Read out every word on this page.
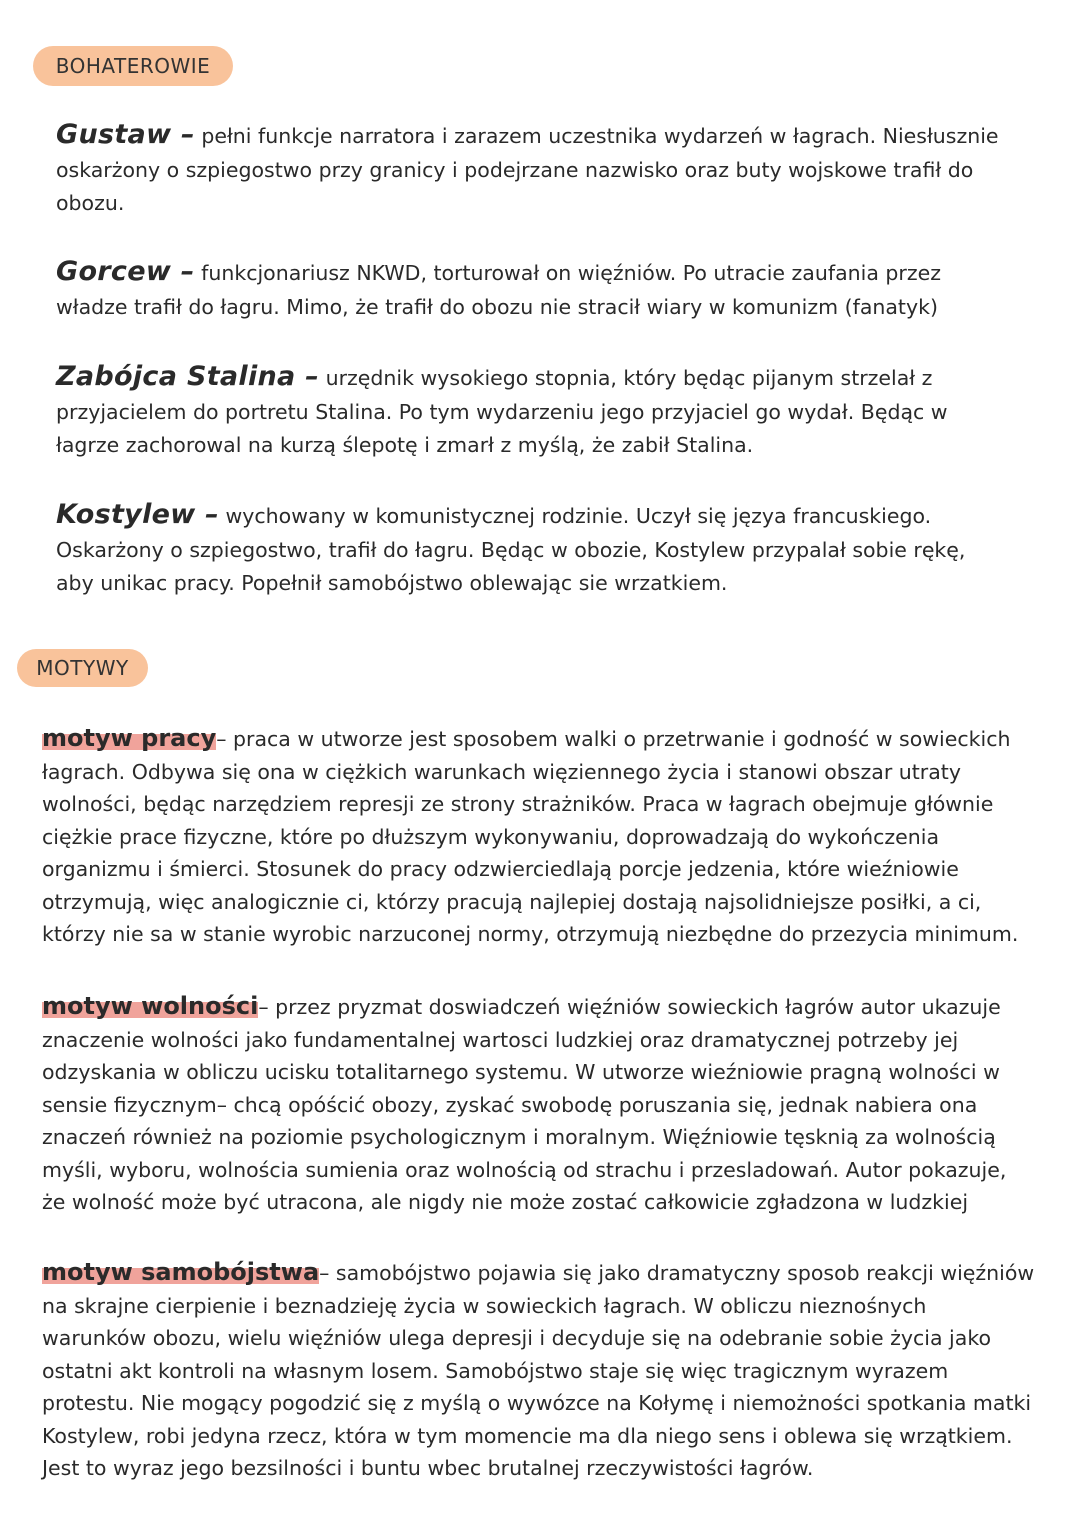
BOHATEROWIE
Gustaw – pełni funkcje narratora i zarazem uczestnika wydarzeń w łagrach. Niesłusznie
oskarżony o szpiegostwo przy granicy i podejrzane nazwisko oraz buty wojskowe trafił do
obozu.
Gorcew – funkcjonariusz NKWD, torturował on więźniów. Po utracie zaufania przez
władze trafił do łagru. Mimo, że trafił do obozu nie stracił wiary w komunizm (fanatyk)
Zabójca Stalina – urzędnik wysokiego stopnia, który będąc pijanym strzelał z
przyjacielem do portretu Stalina. Po tym wydarzeniu jego przyjaciel go wydał. Będąc w
łagrze zachorowal na kurzą ślepotę i zmarł z myślą, że zabił Stalina.
Kostylew – wychowany w komunistycznej rodzinie. Uczył się języa francuskiego.
Oskarżony o szpiegostwo, trafił do łagru. Będąc w obozie, Kostylew przypalał sobie rękę,
aby unikac pracy. Popełnił samobójstwo oblewając sie wrzatkiem.
MOTYWY
motyw pracy– praca w utworze jest sposobem walki o przetrwanie i godność w sowieckich
łagrach. Odbywa się ona w ciężkich warunkach więziennego życia i stanowi obszar utraty
wolności, będąc narzędziem represji ze strony strażników. Praca w łagrach obejmuje głównie
ciężkie prace fizyczne, które po dłuższym wykonywaniu, doprowadzają do wykończenia
organizmu i śmierci. Stosunek do pracy odzwierciedlają porcje jedzenia, które wieźniowie
otrzymują, więc analogicznie ci, którzy pracują najlepiej dostają najsolidniejsze posiłki, a ci,
którzy nie sa w stanie wyrobic narzuconej normy, otrzymują niezbędne do przezycia minimum.
motyw wolności– przez pryzmat doswiadczeń więźniów sowieckich łagrów autor ukazuje
znaczenie wolności jako fundamentalnej wartosci ludzkiej oraz dramatycznej potrzeby jej
odzyskania w obliczu ucisku totalitarnego systemu. W utworze wieźniowie pragną wolności w
sensie fizycznym– chcą opóścić obozy, zyskać swobodę poruszania się, jednak nabiera ona
znaczeń również na poziomie psychologicznym i moralnym. Więźniowie tęsknią za wolnością
myśli, wyboru, wolnościa sumienia oraz wolnością od strachu i przesladowań. Autor pokazuje,
że wolność może być utracona, ale nigdy nie może zostać całkowicie zgładzona w ludzkiej
motyw samobójstwa– samobójstwo pojawia się jako dramatyczny sposob reakcji więźniów
na skrajne cierpienie i beznadzieję życia w sowieckich łagrach. W obliczu nieznośnych
warunków obozu, wielu więźniów ulega depresji i decyduje się na odebranie sobie życia jako
ostatni akt kontroli na własnym losem. Samobójstwo staje się więc tragicznym wyrazem
protestu. Nie mogący pogodzić się z myślą o wywózce na Kołymę i niemożności spotkania matki
Kostylew, robi jedyna rzecz, która w tym momencie ma dla niego sens i oblewa się wrzątkiem.
Jest to wyraz jego bezsilności i buntu wbec brutalnej rzeczywistości łagrów.
